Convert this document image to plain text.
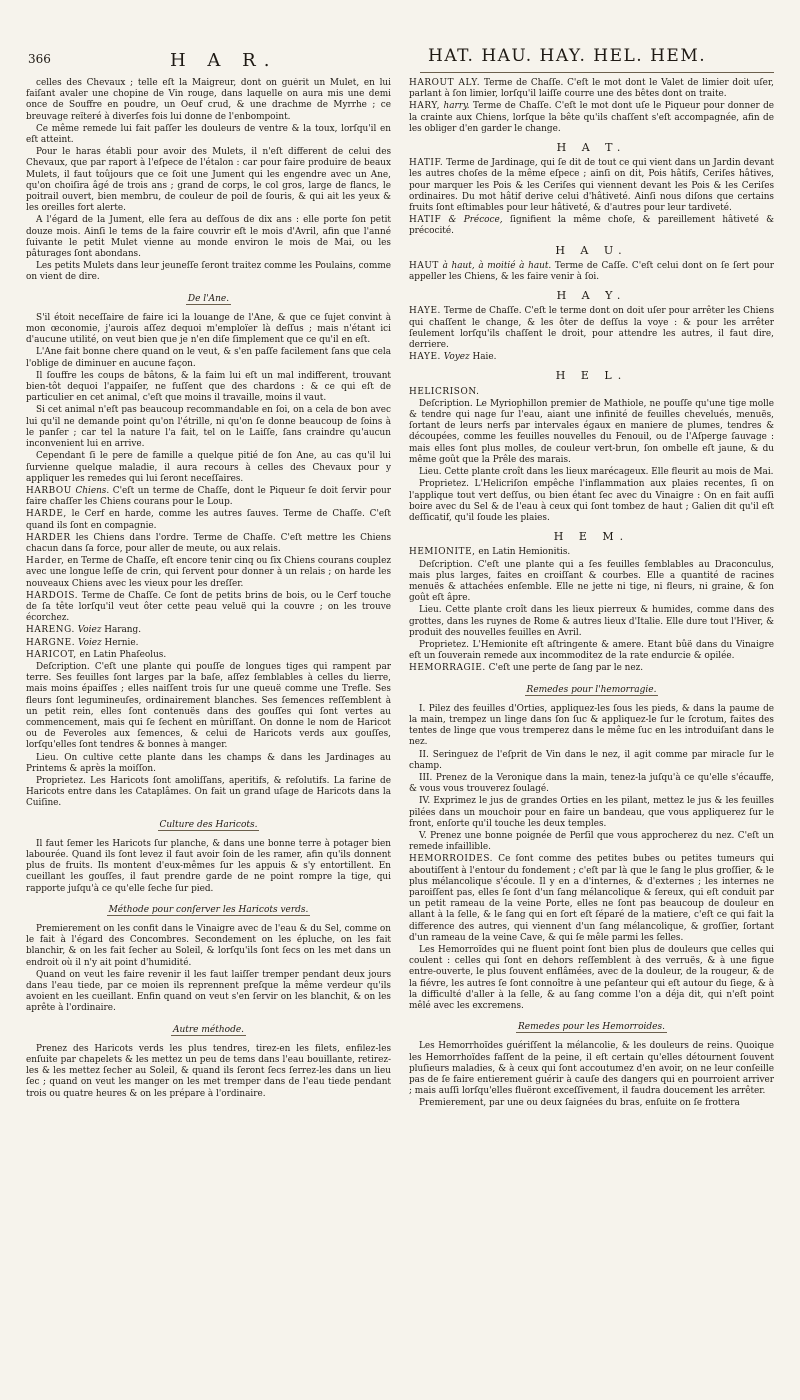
366	H A R.	HAT. HAU. HAY. HEL. HEM.

celles des Chevaux ; telle eſt la Maigreur, dont on guérit un Mulet, en lui faiſant avaler une chopine de Vin rouge, dans laquelle on aura mis une demi once de Souffre en poudre, un Oeuf crud, & une drachme de Myrrhe ; ce breuvage reïteré à diverſes fois lui donne de l'enbompoint.

Ce même remede lui fait paſſer les douleurs de ventre & la toux, lorſqu'il en eſt atteint.

Pour le haras établi pour avoir des Mulets, il n'eſt different de celui des Chevaux, que par raport à l'eſpece de l'étalon : car pour faire produire de beaux Mulets, il faut toûjours que ce ſoit une Jument qui les engendre avec un Ane, qu'on choiſira âgé de trois ans ; grand de corps, le col gros, large de flancs, le poitrail ouvert, bien membru, de couleur de poil de ſouris, & qui ait les yeux & les oreilles fort alerte.

A l'égard de la Jument, elle ſera au deſſous de dix ans : elle porte ſon petit douze mois. Ainſi le tems de la faire couvrir eſt le mois d'Avril, afin que l'anné ſuivante le petit Mulet vienne au monde environ le mois de Mai, ou les pâturages ſont abondans.

Les petits Mulets dans leur jeuneſſe ſeront traitez comme les Poulains, comme on vient de dire.

De l'Ane.

S'il étoit neceſſaire de faire ici la louange de l'Ane, & que ce ſujet convint à mon œconomie, j'aurois aſſez dequoi m'emploïer là deſſus ; mais n'étant ici d'aucune utilité, on veut bien que je n'en diſe ſimplement que ce qu'il en eſt.

L'Ane fait bonne chere quand on le veut, & s'en paſſe facilement ſans que cela l'oblige de diminuer en aucune façon.

Il ſouffre les coups de bâtons, & la faim lui eſt un mal indifferent, trouvant bien-tôt dequoi l'appaiſer, ne fuſſent que des chardons : & ce qui eſt de particulier en cet animal, c'eſt que moins il travaille, moins il vaut.

Si cet animal n'eſt pas beaucoup recommandable en ſoi, on a cela de bon avec lui qu'il ne demande point qu'on l'étrille, ni qu'on ſe donne beaucoup de ſoins à le panſer ; car tel la nature l'a fait, tel on le Laiſſe, ſans craindre qu'aucun inconvenient lui en arrive.

Cependant ſi le pere de famille a quelque pitié de ſon Ane, au cas qu'il lui ſurvienne quelque maladie, il aura recours à celles des Chevaux pour y appliquer les remedes qui lui ſeront neceſſaires.

HARBOU Chiens. C'eſt un terme de Chaſſe, dont le Piqueur ſe doit ſervir pour faire chaſſer les Chiens courans pour le Loup.

HARDE, le Cerf en harde, comme les autres ſauves. Terme de Chaſſe. C'eſt quand ils ſont en compagnie.

HARDER les Chiens dans l'ordre. Terme de Chaſſe. C'eſt mettre les Chiens chacun dans ſa force, pour aller de meute, ou aux relais.

Harder, en Terme de Chaſſe, eſt encore tenir cinq ou ſix Chiens courans couplez avec une longue leſſe de crin, qui ſervent pour donner à un relais ; on harde les nouveaux Chiens avec les vieux pour les dreſſer.

HARDOIS. Terme de Chaſſe. Ce ſont de petits brins de bois, ou le Cerf touche de ſa tête lorſqu'il veut ôter cette peau veluë qui la couvre ; on les trouve écorchez.

HARENG. Voiez Harang.

HARGNE. Voiez Hernie.

HARICOT, en Latin Phaſeolus.

Deſcription. C'eſt une plante qui pouſſe de longues tiges qui rampent par terre. Ses feuilles ſont larges par la baſe, aſſez ſemblables à celles du lierre, mais moins épaiſſes ; elles naiſſent trois ſur une queuë comme une Trefle. Ses fleurs ſont legumineuſes, ordinairement blanches. Ses ſemences reſſemblent à un petit rein, elles ſont contenuës dans des gouſſes qui ſont vertes au commencement, mais qui ſe ſechent en mûriſſant. On donne le nom de Haricot ou de Feveroles aux ſemences, & celui de Haricots verds aux gouſſes, lorſqu'elles ſont tendres & bonnes à manger.

Lieu. On cultive cette plante dans les champs & dans les Jardinages au Printems & après la moiſſon.

Proprietez. Les Haricots ſont amoliſſans, aperitifs, & reſolutifs. La farine de Haricots entre dans les Cataplâmes. On fait un grand uſage de Haricots dans la Cuiſine.

Culture des Haricots.

Il faut ſemer les Haricots ſur planche, & dans une bonne terre à potager bien labourée. Quand ils ſont levez il faut avoir ſoin de les ramer, afin qu'ils donnent plus de fruits. Ils montent d'eux-mêmes ſur les appuis & s'y entortillent. En cueillant les gouſſes, il faut prendre garde de ne point rompre la tige, qui rapporte juſqu'à ce qu'elle ſeche ſur pied.

Méthode pour conſerver les Haricots verds.

Premierement on les confit dans le Vinaigre avec de l'eau & du Sel, comme on le fait à l'égard des Concombres. Secondement on les épluche, on les fait blanchir, & on les fait ſecher au Soleil, & lorſqu'ils ſont ſecs on les met dans un endroit où il n'y ait point d'humidité.

Quand on veut les faire revenir il les faut laiſſer tremper pendant deux jours dans l'eau tiede, par ce moien ils reprennent preſque la même verdeur qu'ils avoient en les cueillant. Enfin quand on veut s'en ſervir on les blanchit, & on les aprête à l'ordinaire.

Autre méthode.

Prenez des Haricots verds les plus tendres, tirez-en les filets, enfilez-les enſuite par chapelets & les mettez un peu de tems dans l'eau bouillante, retirez-les & les mettez ſecher au Soleil, & quand ils ſeront ſecs ſerrez-les dans un lieu ſec ; quand on veut les manger on les met tremper dans de l'eau tiede pendant trois ou quatre heures & on les prépare à l'ordinaire.

HAROUT ALY. Terme de Chaſſe. C'eſt le mot dont le Valet de limier doit uſer, parlant à ſon limier, lorſqu'il laiſſe courre une des bêtes dont on traite.

HARY, harry. Terme de Chaſſe. C'eſt le mot dont uſe le Piqueur pour donner de la crainte aux Chiens, lorſque la bête qu'ils chaſſent s'eſt accompagnée, afin de les obliger d'en garder le change.

H A T.

HATIF. Terme de Jardinage, qui ſe dit de tout ce qui vient dans un Jardin devant les autres choſes de la même eſpece ; ainſi on dit, Pois hâtifs, Ceriſes hâtives, pour marquer les Pois & les Ceriſes qui viennent devant les Pois & les Ceriſes ordinaires. Du mot hâtif derive celui d'hâtiveté. Ainſi nous diſons que certains fruits ſont eſtimables pour leur hâtiveté, & d'autres pour leur tardiveté.

HATIF & Précoce, ſignifient la même choſe, & pareillement hâtiveté & précocité.

H A U.

HAUT à haut, à moitié à haut. Terme de Caſſe. C'eſt celui dont on ſe ſert pour appeller les Chiens, & les faire venir à ſoi.

H A Y.

HAYE. Terme de Chaſſe. C'eſt le terme dont on doit uſer pour arrêter les Chiens qui chaſſent le change, & les ôter de deſſus la voye : & pour les arrêter ſeulement lorſqu'ils chaſſent le droit, pour attendre les autres, il faut dire, derriere.

HAYE. Voyez Haie.

H E L.

HELICRISON.

Deſcription. Le Myriophillon premier de Mathiole, ne pouſſe qu'une tige molle & tendre qui nage ſur l'eau, aiant une infinité de feuilles chevelués, menuës, ſortant de leurs nerfs par intervales égaux en maniere de plumes, tendres & découpées, comme les feuilles nouvelles du Fenouil, ou de l'Aſperge ſauvage : mais elles ſont plus molles, de couleur vert-brun, ſon ombelle eſt jaune, & du même goût que la Prêle des marais.

Lieu. Cette plante croît dans les lieux marécageux. Elle fleurit au mois de Mai.

Proprietez. L'Helicriſon empêche l'inflammation aux plaies recentes, ſi on l'applique tout vert deſſus, ou bien étant ſec avec du Vinaigre : On en fait auſſi boire avec du Sel & de l'eau à ceux qui ſont tombez de haut ; Galien dit qu'il eſt deſſicatif, qu'il ſoude les plaies.

H E M.

HEMIONITE, en Latin Hemionitis.

Deſcription. C'eſt une plante qui a ſes feuilles ſemblables au Draconculus, mais plus larges, faites en croiſſant & courbes. Elle a quantité de racines menuës & attachées enſemble. Elle ne jette ni tige, ni fleurs, ni graine, & ſon goût eſt âpre.

Lieu. Cette plante croît dans les lieux pierreux & humides, comme dans des grottes, dans les ruynes de Rome & autres lieux d'Italie. Elle dure tout l'Hiver, & produit des nouvelles feuilles en Avril.

Proprietez. L'Hemionite eſt aſtringente & amere. Etant bûë dans du Vinaigre eſt un ſouverain remede aux incommoditez de la rate endurcie & opilée.

HEMORRAGIE. C'eſt une perte de ſang par le nez.

Remedes pour l'hemorragie.

I. Pilez des feuilles d'Orties, appliquez-les ſous les pieds, & dans la paume de la main, trempez un linge dans ſon ſuc & appliquez-le ſur le ſcrotum, faites des tentes de linge que vous tremperez dans le même ſuc en les introduiſant dans le nez.

II. Seringuez de l'eſprit de Vin dans le nez, il agit comme par miracle ſur le champ.

III. Prenez de la Veronique dans la main, tenez-la juſqu'à ce qu'elle s'écauffe, & vous vous trouverez ſoulagé.

IV. Exprimez le jus de grandes Orties en les pilant, mettez le jus & les feuilles pilées dans un mouchoir pour en faire un bandeau, que vous appliquerez ſur le front, enſorte qu'il touche les deux temples.

V. Prenez une bonne poignée de Perſil que vous approcherez du nez. C'eſt un remede infaillible.

HEMORROIDES. Ce ſont comme des petites bubes ou petites tumeurs qui aboutiſſent à l'entour du fondement ; c'eſt par là que le ſang le plus groſſier, & le plus mélancolique s'écoule. Il y en a d'internes, & d'externes ; les internes ne paroiſſent pas, elles ſe ſont d'un ſang mélancolique & ſereux, qui eſt conduit par un petit rameau de la veine Porte, elles ne ſont pas beaucoup de douleur en allant à la ſelle, & le ſang qui en ſort eſt ſéparé de la matiere, c'eſt ce qui fait la difference des autres, qui viennent d'un ſang mélancolique, & groſſier, ſortant d'un rameau de la veine Cave, & qui ſe mêle parmi les ſelles.

Les Hemorroïdes qui ne fluent point ſont bien plus de douleurs que celles qui coulent : celles qui ſont en dehors reſſemblent à des verruës, & à une figue entre-ouverte, le plus ſouvent enflâmées, avec de la douleur, de la rougeur, & de la fiévre, les autres ſe ſont connoître à une peſanteur qui eſt autour du ſiege, & à la difficulté d'aller à la ſelle, & au ſang comme l'on a déja dit, qui n'eſt point mêlé avec les excremens.

Remedes pour les Hemorroides.

Les Hemorrhoïdes guériſſent la mélancolie, & les douleurs de reins. Quoique les Hemorrhoïdes faſſent de la peine, il eſt certain qu'elles détournent ſouvent pluſieurs maladies, & à ceux qui ſont accoutumez d'en avoir, on ne leur conſeille pas de ſe faire entierement guérir à cauſe des dangers qui en pourroient arriver ; mais auſſi lorſqu'elles fluëront exceſſivement, il faudra doucement les arrêter.

Premierement, par une ou deux ſaignées du bras, enſuite on ſe frottera
